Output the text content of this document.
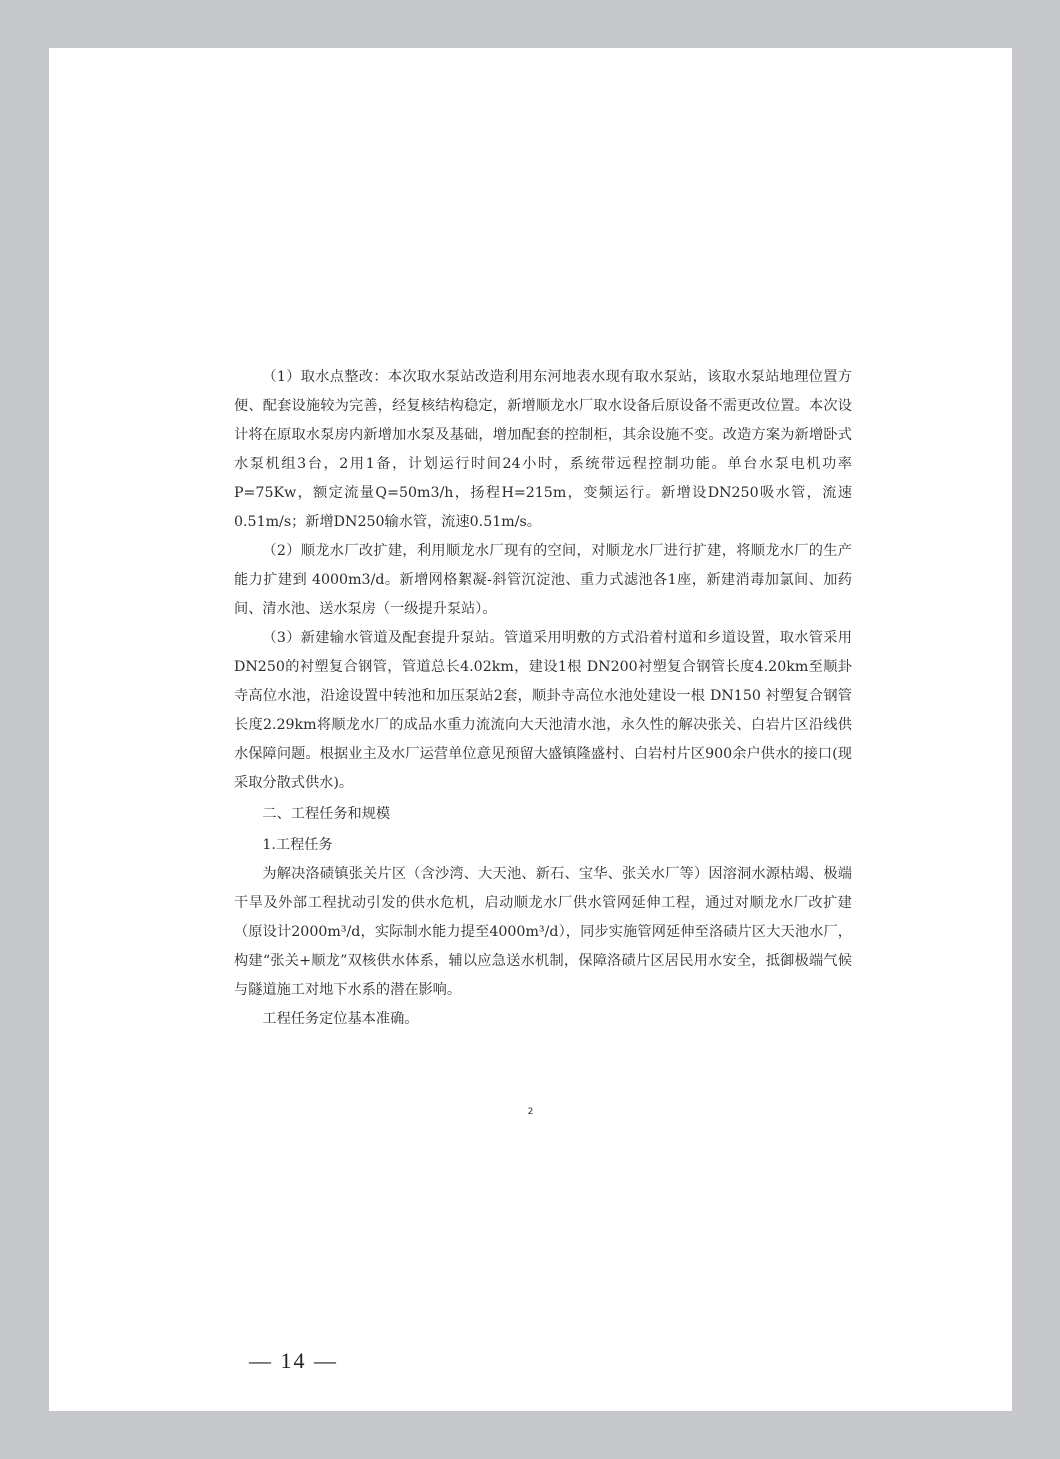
（1）取水点整改：本次取水泵站改造利用东河地表水现有取水泵站，该取水泵站地理位置方便、配套设施较为完善，经复核结构稳定，新增顺龙水厂取水设备后原设备不需更改位置。本次设计将在原取水泵房内新增加水泵及基础，增加配套的控制柜，其余设施不变。改造方案为新增卧式水泵机组3台，2用1备，计划运行时间24小时，系统带远程控制功能。单台水泵电机功率P=75Kw，额定流量Q=50m3/h，扬程H=215m，变频运行。新增设DN250吸水管，流速0.51m/s；新增DN250输水管，流速0.51m/s。

（2）顺龙水厂改扩建，利用顺龙水厂现有的空间，对顺龙水厂进行扩建，将顺龙水厂的生产能力扩建到 4000m3/d。新增网格絮凝-斜管沉淀池、重力式滤池各1座，新建消毒加氯间、加药间、清水池、送水泵房（一级提升泵站）。

（3）新建输水管道及配套提升泵站。管道采用明敷的方式沿着村道和乡道设置，取水管采用DN250的衬塑复合钢管，管道总长4.02km，建设1根 DN200衬塑复合钢管长度4.20km至顺卦寺高位水池，沿途设置中转池和加压泵站2套，顺卦寺高位水池处建设一根 DN150 衬塑复合钢管长度2.29km将顺龙水厂的成品水重力流流向大天池清水池，永久性的解决张关、白岩片区沿线供水保障问题。根据业主及水厂运营单位意见预留大盛镇隆盛村、白岩村片区900余户供水的接口(现采取分散式供水)。

二、工程任务和规模

1.工程任务

为解决洛碛镇张关片区（含沙湾、大天池、新石、宝华、张关水厂等）因溶洞水源枯竭、极端干旱及外部工程扰动引发的供水危机，启动顺龙水厂供水管网延伸工程，通过对顺龙水厂改扩建（原设计2000m³/d，实际制水能力提至4000m³/d），同步实施管网延伸至洛碛片区大天池水厂，构建“张关+顺龙”双核供水体系，辅以应急送水机制，保障洛碛片区居民用水安全，抵御极端气候与隧道施工对地下水系的潜在影响。

工程任务定位基本准确。

2
— 14 —
